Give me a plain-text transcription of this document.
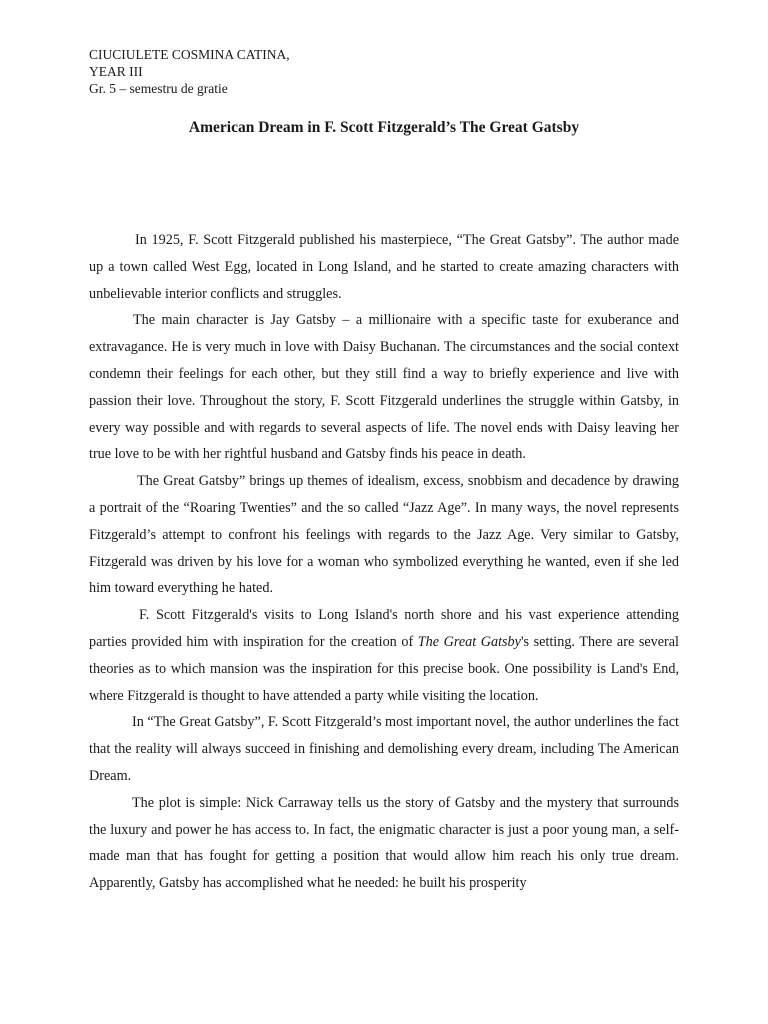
CIUCIULETE COSMINA CATINA,
YEAR III
Gr. 5 – semestru de gratie
American Dream in F. Scott Fitzgerald’s The Great Gatsby

In 1925, F. Scott Fitzgerald published his masterpiece, “The Great Gatsby”. The author made up a town called West Egg, located in Long Island, and he started to create amazing characters with unbelievable interior conflicts and struggles.

The main character is Jay Gatsby – a millionaire with a specific taste for exuberance and extravagance. He is very much in love with Daisy Buchanan. The circumstances and the social context condemn their feelings for each other, but they still find a way to briefly experience and live with passion their love. Throughout the story, F. Scott Fitzgerald underlines the struggle within Gatsby, in every way possible and with regards to several aspects of life. The novel ends with Daisy leaving her true love to be with her rightful husband and Gatsby finds his peace in death.

The Great Gatsby” brings up themes of idealism, excess, snobbism and decadence by drawing a portrait of the “Roaring Twenties” and the so called “Jazz Age”. In many ways, the novel represents Fitzgerald’s attempt to confront his feelings with regards to the Jazz Age. Very similar to Gatsby, Fitzgerald was driven by his love for a woman who symbolized everything he wanted, even if she led him toward everything he hated.

F. Scott Fitzgerald's visits to Long Island's north shore and his vast experience attending parties provided him with inspiration for the creation of The Great Gatsby's setting. There are several theories as to which mansion was the inspiration for this precise book. One possibility is Land's End, where Fitzgerald is thought to have attended a party while visiting the location.

In “The Great Gatsby”, F. Scott Fitzgerald’s most important novel, the author underlines the fact that the reality will always succeed in finishing and demolishing every dream, including The American Dream.

The plot is simple: Nick Carraway tells us the story of Gatsby and the mystery that surrounds the luxury and power he has access to. In fact, the enigmatic character is just a poor young man, a self-made man that has fought for getting a position that would allow him reach his only true dream. Apparently, Gatsby has accomplished what he needed: he built his prosperity
